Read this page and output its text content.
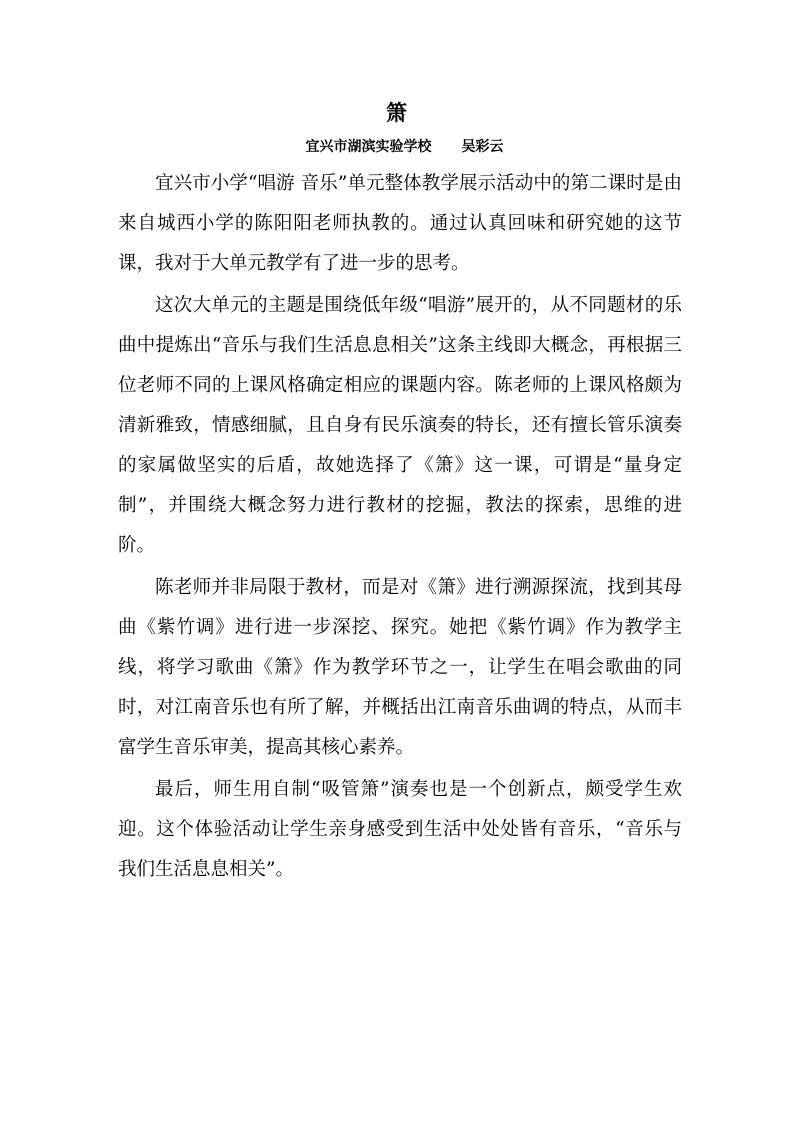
箫
宜兴市湖滨实验学校 吴彩云

宜兴市小学“唱游 音乐”单元整体教学展示活动中的第二课时是由来自城西小学的陈阳阳老师执教的。通过认真回味和研究她的这节课，我对于大单元教学有了进一步的思考。

这次大单元的主题是围绕低年级“唱游”展开的，从不同题材的乐曲中提炼出“音乐与我们生活息息相关”这条主线即大概念，再根据三位老师不同的上课风格确定相应的课题内容。陈老师的上课风格颇为清新雅致，情感细腻，且自身有民乐演奏的特长，还有擅长管乐演奏的家属做坚实的后盾，故她选择了《箫》这一课，可谓是“量身定制”，并围绕大概念努力进行教材的挖掘，教法的探索，思维的进阶。

陈老师并非局限于教材，而是对《箫》进行溯源探流，找到其母曲《紫竹调》进行进一步深挖、探究。她把《紫竹调》作为教学主线，将学习歌曲《箫》作为教学环节之一，让学生在唱会歌曲的同时，对江南音乐也有所了解，并概括出江南音乐曲调的特点，从而丰富学生音乐审美，提高其核心素养。

最后，师生用自制“吸管箫”演奏也是一个创新点，颇受学生欢迎。这个体验活动让学生亲身感受到生活中处处皆有音乐，“音乐与我们生活息息相关”。
